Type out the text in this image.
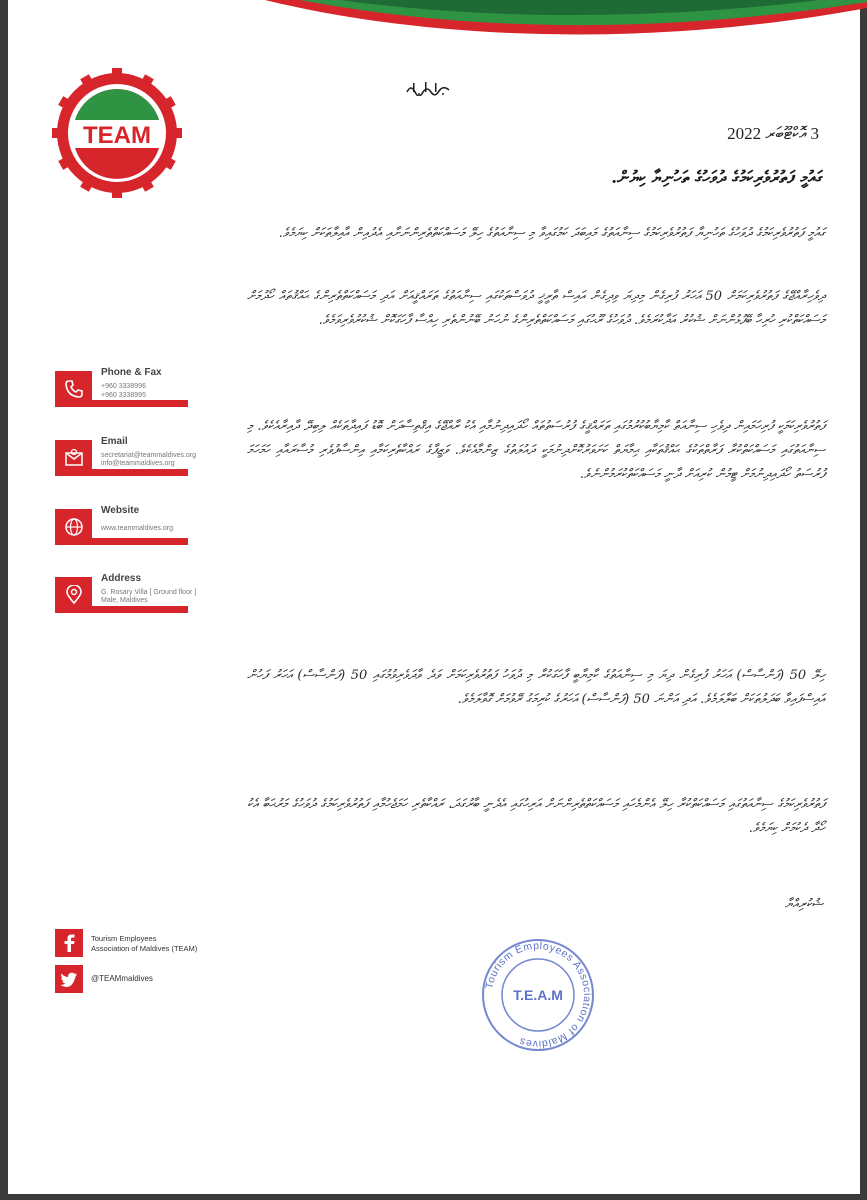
TEAM	3 އޮކްޓޫބަރ 2022
ގައުމީ ފަތުރުވެރިކަމުގެ ދުވަހުގެ ތަހުނިޔާ ކިޔުން.
ގައުމީ ފަތުރުވެރިކަމުގެ ދުވަހުގެ ތަހުނިޔާ ފަތުރުވެރިކަމުގެ ސިނާއަތުގެ މައިބަދަ ކަމުގައިވާ މި ސިނާއަތުގެ ހިލޭ މަސައްކަތްތެރިންނަށާއި އެދުއިން އާއިލާތަކަށް ކިޔަމެވެ.
ދިވެހިރާއްޖޭގެ ފަތުރުވެރިކަމަށް 50 އަހަރު ފުރިގެން މިދިޔަ ވިދިގެން އައިސް ތާރީޚީ ދުވަސްތަކުގައި ސިނާއަތުގެ ތަރައްޤީއަށް އަދި މަސައްކަތްތެރިންގެ ޙައްޤުތައް ހޯދުމަށް މަސައްކަތްކުރި ހުރިހާ ބޭފުޅުންނަށް ޝުކުރު އަދާކުރަމެވެ. ދުވަހުގެ ރޫޙުގައި މަސައްކަތްތެރިންގެ ނުހަނު ބޭނުންތެރި ހިއްސާ ފާހަގަކޮށް ޝުކުރުވެރިވަމެވެ.
ފަތުރުވެރިކަމަކީ ފުރިހަމައިން ދިވެހި ސިނާއަތް ކާމިޔާބުކުރުމުގައި ތަރައްޤީގެ ފުރުސަތުތައް ހޯދައިދިނުމާއި އެކު ރާއްޖޭގެ އިޤްތިސާދަށް ބޮޑު ފައިދާތަކެއް ލިބިދޭ ދާއިރާއެކެވެ. މި ސިނާއަތުގައި މަސައްކަތްކުރާ ފަރާތްތަކުގެ ޙައްޤުތަކާއި ޙިމާޔަތް ކަށަވަރުކޮށްދިނުމަކީ ދައުލަތުގެ ޒިންމާއެކެވެ. ވަޒީފާގެ ރައްކާތެރިކަމާއި އިންސާފުވެރި މުސާރައާއި ހަމަހަމަ ފުރުސަތު ހޯދައިދިނުމަށް ޓީމުން ކުރިއަށް ދާނީ މަސައްކަތްކުރަމުންނެވެ.
ހިލޭ 50 (ފަންސާސް) އަހަރު ފުރިގެން ދިޔަ މި ސިނާއަތުގެ ކާމިޔާބީ ފާހަގަކުރާ މި ދުވަހު ފަތުރުވެރިކަމަށް ވަދެ ވާދަވެރިވުމުގައި 50 (ފަންސާސް) އަހަރު ފަހުން އައިސްފައިވާ ބަދަލުތަކަށް ބަލާލަމެވެ. އަދި އަންނަ 50 (ފަންސާސް) އަހަރުގެ ކުރިމަގު ރޭވުމަށް ގޮވާލަމެވެ.
ފަތުރުވެރިކަމުގެ ސިނާއަތުގައި މަސައްކަތްކުރާ ހިލޭ އެންމެހައި މަސައްކަތްތެރިންނަށް އަރިހުގައި އެދެނީ ބާރުގަދަ، ރައްކާތެރި ހަމަޖެހުމާއި ފަތުރުވެރިކަމުގެ ދުވަހުގެ މަރުޙަބާ އެކު ހޯދާ ދެކުމަށް ކިޔަމެވެ.
ޝުކުރިއްޔާ
Phone & Fax
+960 3338996
+960 3338995
Email
secretariat@teammaldives.org
info@teammaldives.org
Website
www.teammaldives.org
Address
G. Rosary Villa [ Ground floor ]
Male, Maldives
Tourism Employees
Association of Maldives (TEAM)
@TEAMmaldives
Tourism Employees Association of Maldives
T.E.A.M
